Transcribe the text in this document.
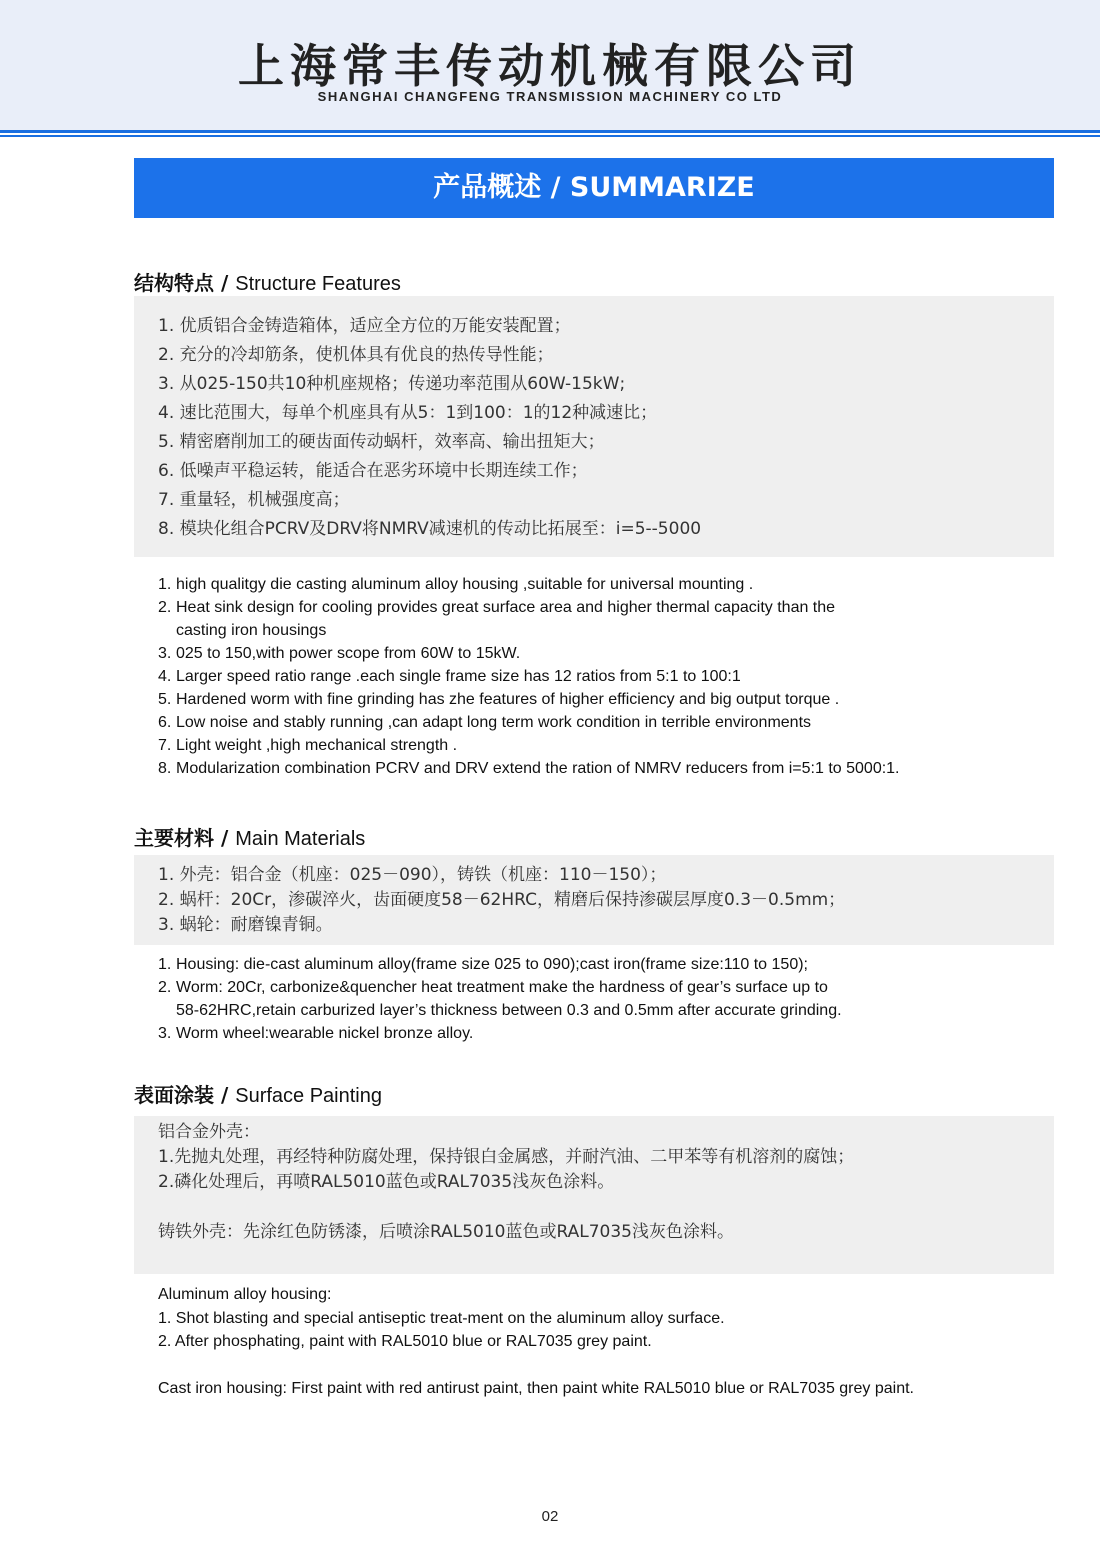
上海常丰传动机械有限公司
SHANGHAI CHANGFENG TRANSMISSION MACHINERY CO LTD
产品概述 / SUMMARIZE
结构特点 / Structure Features
1. 优质铝合金铸造箱体，适应全方位的万能安装配置；
2. 充分的冷却筋条，使机体具有优良的热传导性能；
3. 从025-150共10种机座规格；传递功率范围从60W-15kW;
4. 速比范围大，每单个机座具有从5：1到100：1的12种减速比；
5. 精密磨削加工的硬齿面传动蜗杆，效率高、输出扭矩大；
6. 低噪声平稳运转，能适合在恶劣环境中长期连续工作；
7. 重量轻，机械强度高；
8. 模块化组合PCRV及DRV将NMRV减速机的传动比拓展至：i=5--5000
1. high qualitgy die casting aluminum alloy housing ,suitable for universal mounting .
2. Heat sink design for cooling provides great surface area and higher thermal capacity than the
casting iron housings
3. 025 to 150,with power scope from 60W to 15kW.
4. Larger speed ratio range .each single frame size has 12 ratios from 5:1 to 100:1
5. Hardened worm with fine grinding has zhe features of higher efficiency and big output torque .
6. Low noise and stably running ,can adapt long term work condition in terrible environments
7. Light weight ,high mechanical strength .
8. Modularization combination PCRV and DRV extend the ration of NMRV reducers from i=5:1 to 5000:1.
主要材料 / Main Materials
1. 外壳：铝合金（机座：025－090），铸铁（机座：110－150）；
2. 蜗杆：20Cr，渗碳淬火，齿面硬度58－62HRC，精磨后保持渗碳层厚度0.3－0.5mm；
3. 蜗轮：耐磨镍青铜。
1. Housing: die-cast aluminum alloy(frame size 025 to 090);cast iron(frame size:110 to 150);
2. Worm: 20Cr, carbonize&quencher heat treatment make the hardness of gear’s surface up to
58-62HRC,retain carburized layer’s thickness between 0.3 and 0.5mm after accurate grinding.
3. Worm wheel:wearable nickel bronze alloy.
表面涂装 / Surface Painting
铝合金外壳：
1.先抛丸处理，再经特种防腐处理，保持银白金属感，并耐汽油、二甲苯等有机溶剂的腐蚀；
2.磷化处理后，再喷RAL5010蓝色或RAL7035浅灰色涂料。
铸铁外壳：先涂红色防锈漆，后喷涂RAL5010蓝色或RAL7035浅灰色涂料。
Aluminum alloy housing:
1. Shot blasting and special antiseptic treat-ment on the aluminum alloy surface.
2. After phosphating, paint with RAL5010 blue or RAL7035 grey paint.
Cast iron housing: First paint with red antirust paint, then paint white RAL5010 blue or RAL7035 grey paint.
02
